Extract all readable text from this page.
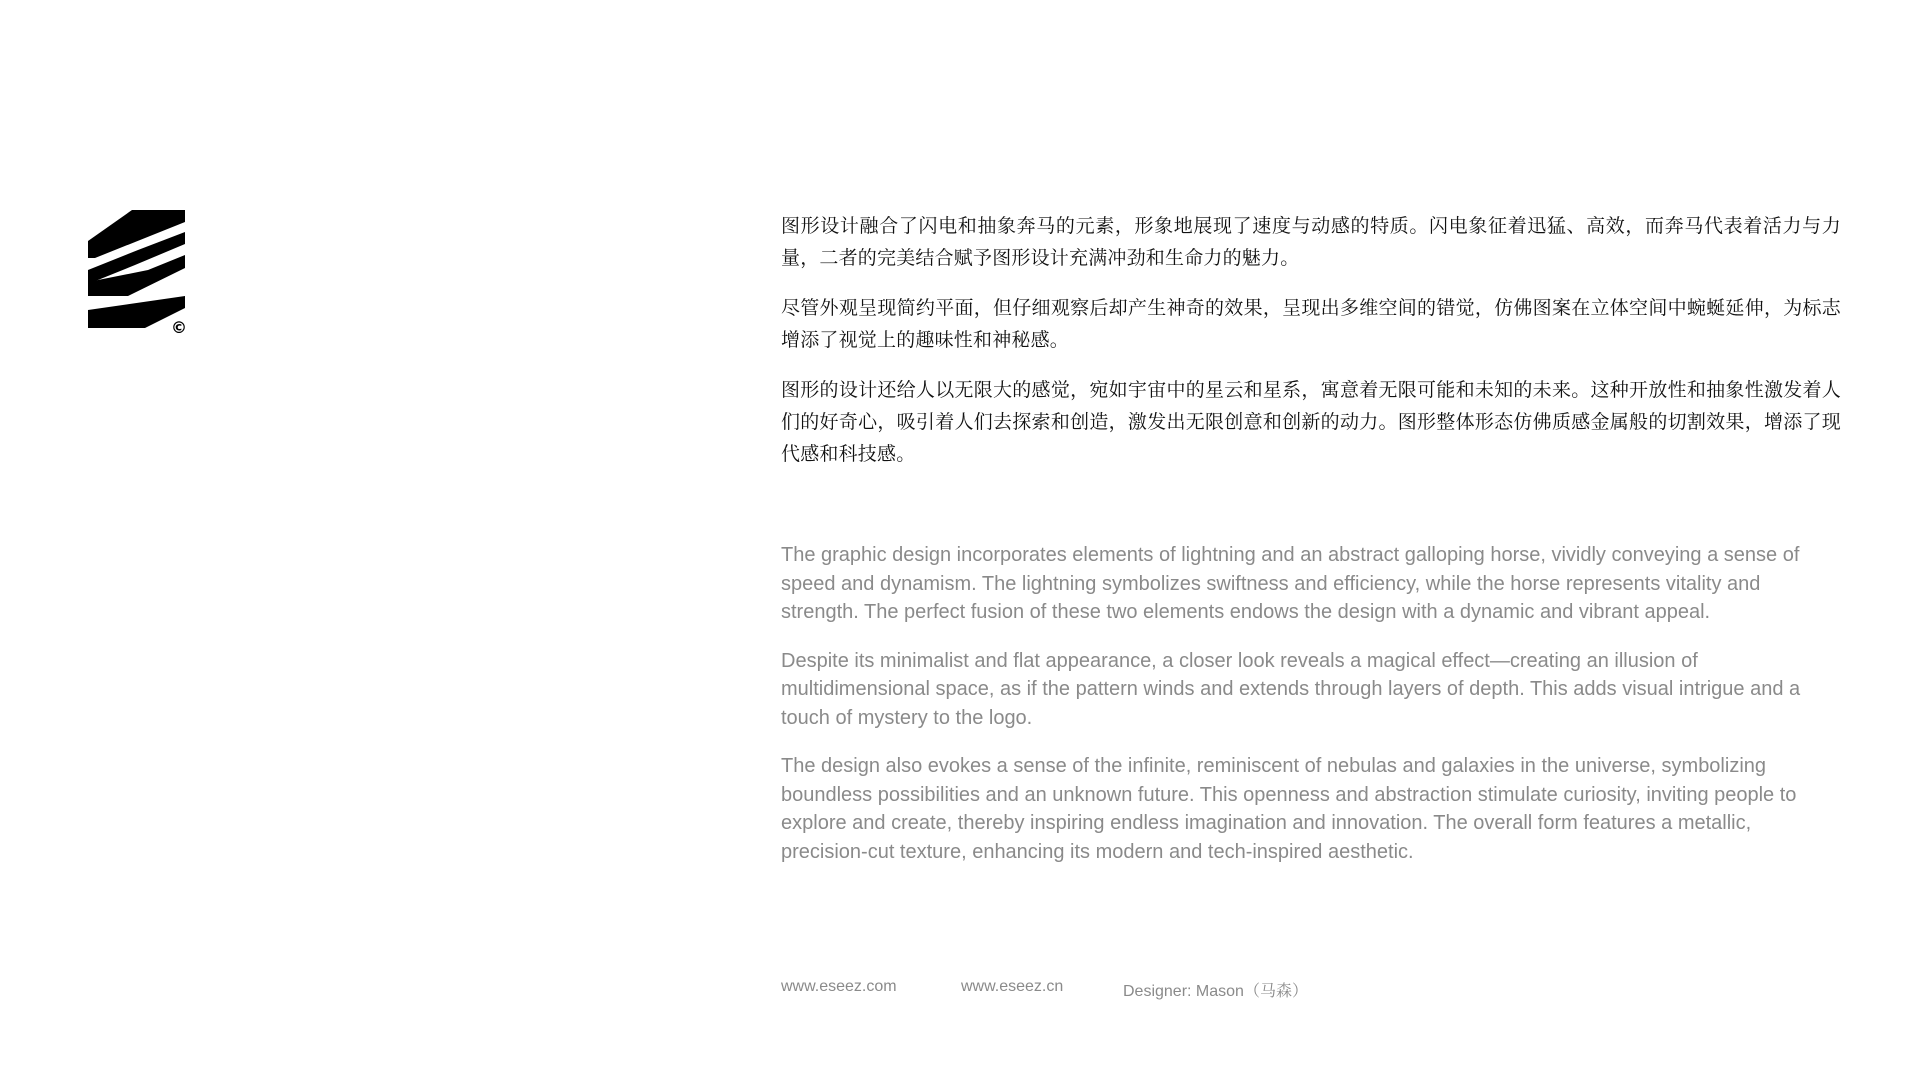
©

图形设计融合了闪电和抽象奔马的元素，形象地展现了速度与动感的特质。闪电象征着迅猛、高效，而奔马代表着活力与力量，二者的完美结合赋予图形设计充满冲劲和生命力的魅力。

尽管外观呈现简约平面，但仔细观察后却产生神奇的效果，呈现出多维空间的错觉，仿佛图案在立体空间中蜿蜒延伸，为标志增添了视觉上的趣味性和神秘感。

图形的设计还给人以无限大的感觉，宛如宇宙中的星云和星系，寓意着无限可能和未知的未来。这种开放性和抽象性激发着人们的好奇心，吸引着人们去探索和创造，激发出无限创意和创新的动力。图形整体形态仿佛质感金属般的切割效果，增添了现代感和科技感。

The graphic design incorporates elements of lightning and an abstract galloping horse, vividly conveying a sense of speed and dynamism. The lightning symbolizes swiftness and efficiency, while the horse represents vitality and strength. The perfect fusion of these two elements endows the design with a dynamic and vibrant appeal.

Despite its minimalist and flat appearance, a closer look reveals a magical effect—creating an illusion of multidimensional space, as if the pattern winds and extends through layers of depth. This adds visual intrigue and a touch of mystery to the logo.

The design also evokes a sense of the infinite, reminiscent of nebulas and galaxies in the universe, symbolizing boundless possibilities and an unknown future. This openness and abstraction stimulate curiosity, inviting people to explore and create, thereby inspiring endless imagination and innovation. The overall form features a metallic, precision-cut texture, enhancing its modern and tech-inspired aesthetic.

www.eseez.com	www.eseez.cn	Designer: Mason（马森）
